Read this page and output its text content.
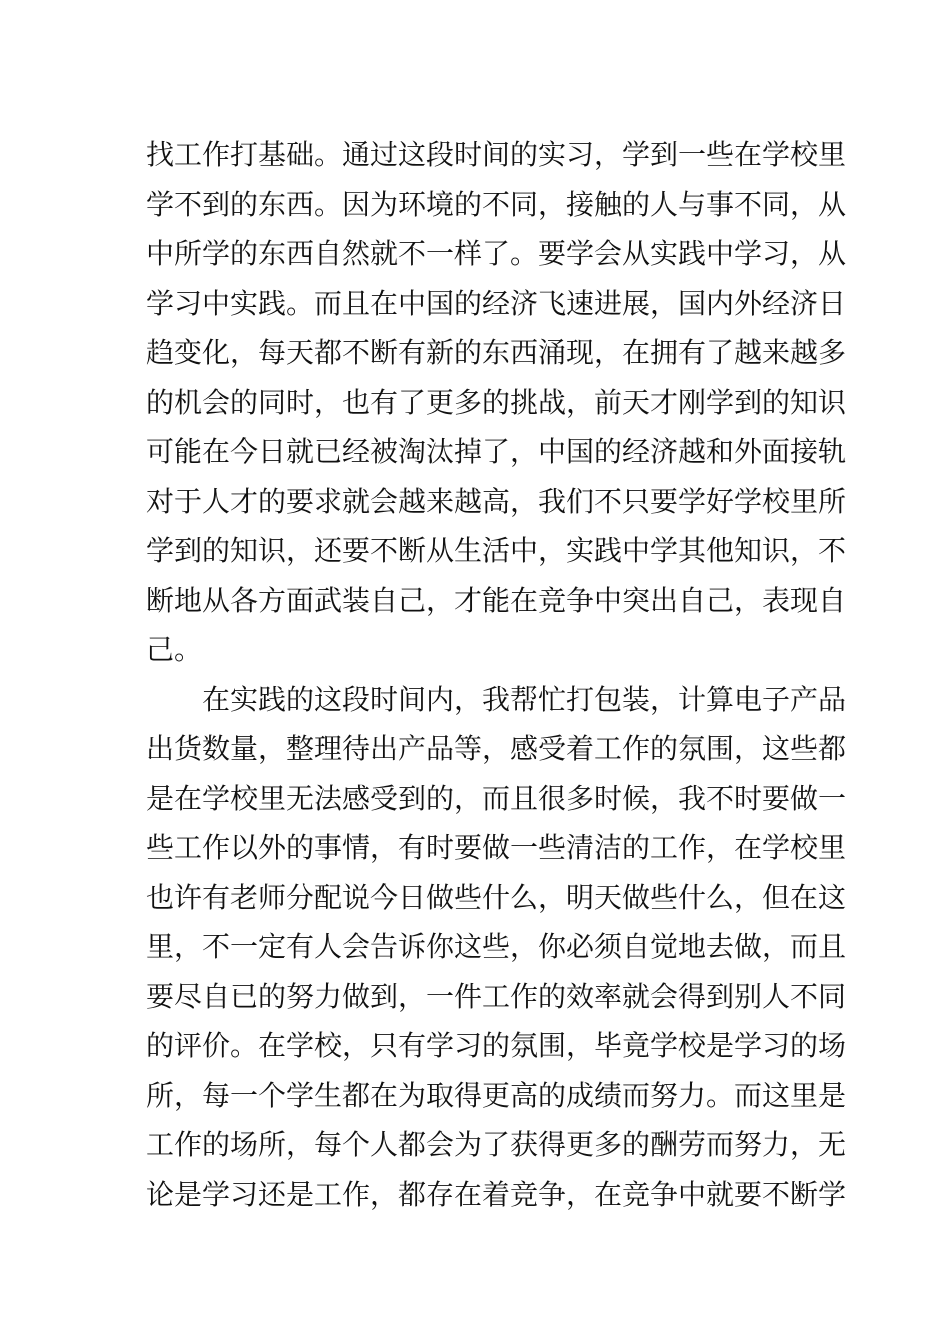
找工作打基础。通过这段时间的实习，学到一些在学校里
学不到的东西。因为环境的不同，接触的人与事不同，从
中所学的东西自然就不一样了。要学会从实践中学习，从
学习中实践。而且在中国的经济飞速进展，国内外经济日
趋变化，每天都不断有新的东西涌现，在拥有了越来越多
的机会的同时，也有了更多的挑战，前天才刚学到的知识
可能在今日就已经被淘汰掉了，中国的经济越和外面接轨
对于人才的要求就会越来越高，我们不只要学好学校里所
学到的知识，还要不断从生活中，实践中学其他知识，不
断地从各方面武装自己，才能在竞争中突出自己，表现自
己。
在实践的这段时间内，我帮忙打包装，计算电子产品
出货数量，整理待出产品等，感受着工作的氛围，这些都
是在学校里无法感受到的，而且很多时候，我不时要做一
些工作以外的事情，有时要做一些清洁的工作，在学校里
也许有老师分配说今日做些什么，明天做些什么，但在这
里，不一定有人会告诉你这些，你必须自觉地去做，而且
要尽自已的努力做到，一件工作的效率就会得到别人不同
的评价。在学校，只有学习的氛围，毕竟学校是学习的场
所，每一个学生都在为取得更高的成绩而努力。而这里是
工作的场所，每个人都会为了获得更多的酬劳而努力，无
论是学习还是工作，都存在着竞争，在竞争中就要不断学
